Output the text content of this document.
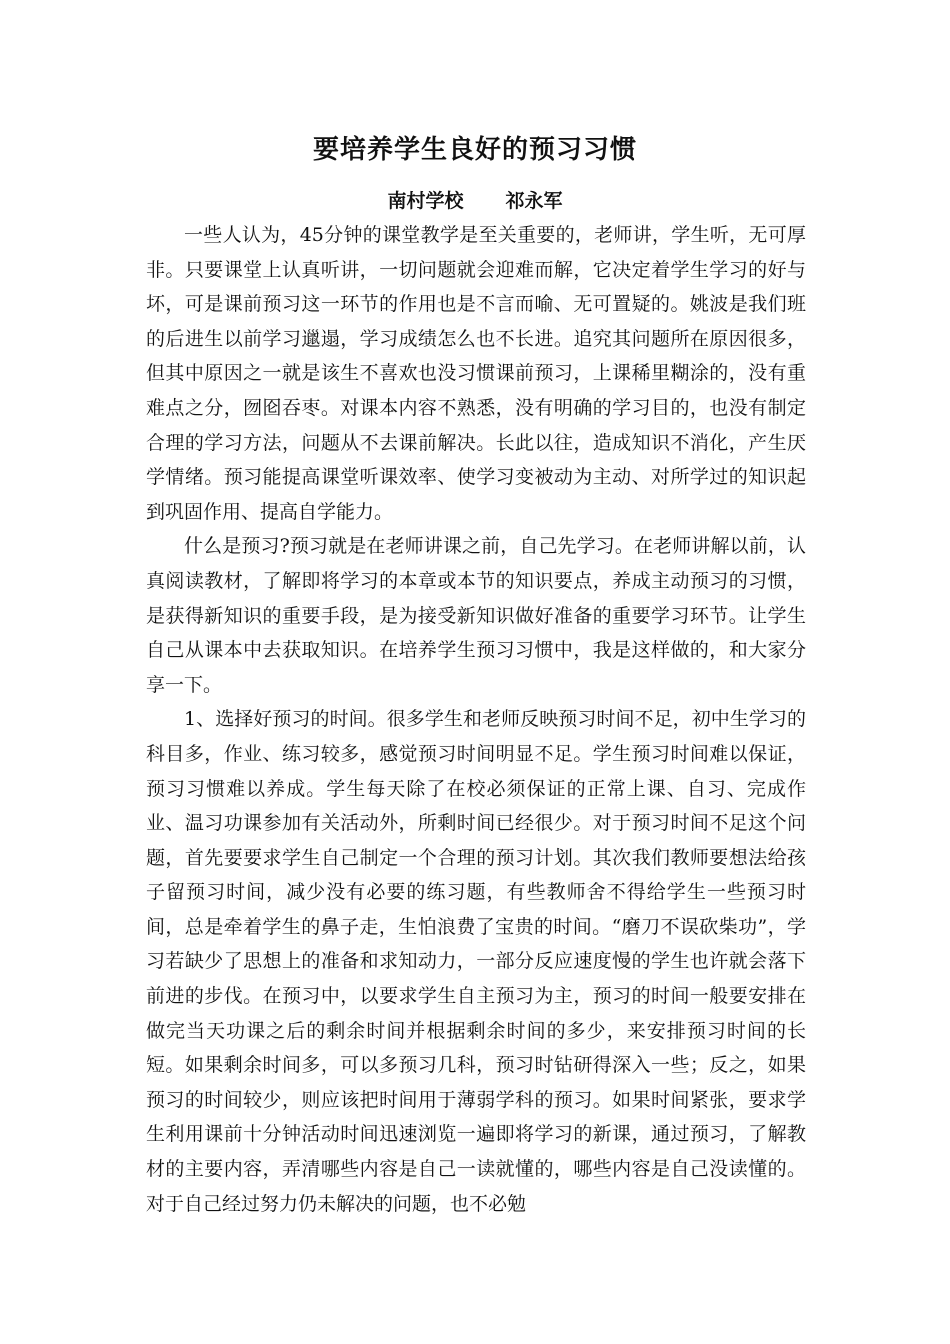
要培养学生良好的预习习惯
南村学校 祁永军

一些人认为，45分钟的课堂教学是至关重要的，老师讲，学生听，无可厚非。只要课堂上认真听讲，一切问题就会迎难而解，它决定着学生学习的好与坏，可是课前预习这一环节的作用也是不言而喻、无可置疑的。姚波是我们班的后进生以前学习邋遢，学习成绩怎么也不长进。追究其问题所在原因很多，但其中原因之一就是该生不喜欢也没习惯课前预习，上课稀里糊涂的，没有重难点之分，囫囵吞枣。对课本内容不熟悉，没有明确的学习目的，也没有制定合理的学习方法，问题从不去课前解决。长此以往，造成知识不消化，产生厌学情绪。预习能提高课堂听课效率、使学习变被动为主动、对所学过的知识起到巩固作用、提高自学能力。

什么是预习?预习就是在老师讲课之前，自己先学习。在老师讲解以前，认真阅读教材，了解即将学习的本章或本节的知识要点，养成主动预习的习惯，是获得新知识的重要手段，是为接受新知识做好准备的重要学习环节。让学生自己从课本中去获取知识。在培养学生预习习惯中，我是这样做的，和大家分享一下。

1、选择好预习的时间。很多学生和老师反映预习时间不足，初中生学习的科目多，作业、练习较多，感觉预习时间明显不足。学生预习时间难以保证，预习习惯难以养成。学生每天除了在校必须保证的正常上课、自习、完成作业、温习功课参加有关活动外，所剩时间已经很少。对于预习时间不足这个问题，首先要要求学生自己制定一个合理的预习计划。其次我们教师要想法给孩子留预习时间，减少没有必要的练习题，有些教师舍不得给学生一些预习时间，总是牵着学生的鼻子走，生怕浪费了宝贵的时间。“磨刀不误砍柴功”，学习若缺少了思想上的准备和求知动力，一部分反应速度慢的学生也许就会落下前进的步伐。在预习中，以要求学生自主预习为主，预习的时间一般要安排在做完当天功课之后的剩余时间并根据剩余时间的多少，来安排预习时间的长短。如果剩余时间多，可以多预习几科，预习时钻研得深入一些；反之，如果预习的时间较少，则应该把时间用于薄弱学科的预习。如果时间紧张，要求学生利用课前十分钟活动时间迅速浏览一遍即将学习的新课，通过预习，了解教材的主要内容，弄清哪些内容是自己一读就懂的，哪些内容是自己没读懂的。对于自己经过努力仍未解决的问题，也不必勉
